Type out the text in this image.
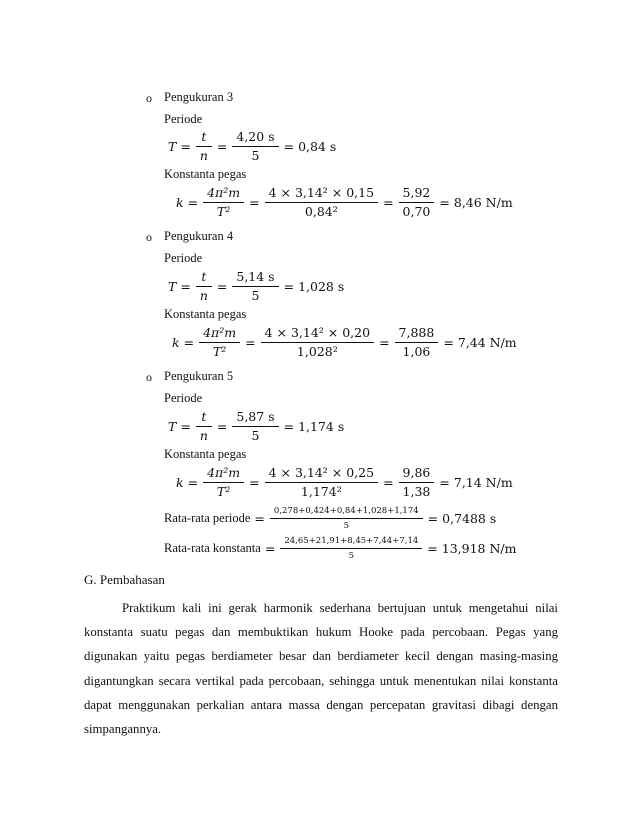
o Pengukuran 3
Periode
$T = \frac{t}{n} = \frac{4,20 s}{5} = 0,84$ s
Konstanta pegas
$k = \frac{\text{4π²m}}{\text{T²}} = \frac{\text{4 × 3,14² × 0,15}}{\text{0,84²}} = \frac{5,92}{0,70} = 8,46$ N/m
o Pengukuran 4
Periode
$T = \frac{t}{n} = \frac{5,14 s}{5} = 1,028$ s
Konstanta pegas
$k = \frac{\text{4π²m}}{\text{T²}} = \frac{\text{4 × 3,14² × 0,20}}{\text{1,028²}} = \frac{7,888}{1,06} = 7,44$ N/m
o Pengukuran 5
Periode
$T = \frac{t}{n} = \frac{5,87 s}{5} = 1,174$ s
Konstanta pegas
$k = \frac{\text{4π²m}}{\text{T²}} = \frac{\text{4 × 3,14² × 0,25}}{\text{1,174²}} = \frac{9,86}{1,38} = 7,14$ N/m
Rata-rata periode = $\frac{0,278+0,424+0,84+1,028+1,174}{5} = 0,7488$ s
Rata-rata konstanta = $\frac{24,65+21,91+8,45+7,44+7,14}{5} = 13,918$ N/m
G. Pembahasan
Praktikum kali ini gerak harmonik sederhana bertujuan untuk mengetahui nilai
konstanta suatu pegas dan membuktikan hukum Hooke pada percobaan. Pegas yang
digunakan yaitu pegas berdiameter besar dan berdiameter kecil dengan masing-masing
digantungkan secara vertikal pada percobaan, sehingga untuk menentukan nilai konstanta
dapat menggunakan perkalian antara massa dengan percepatan gravitasi dibagi dengan
simpangannya.
